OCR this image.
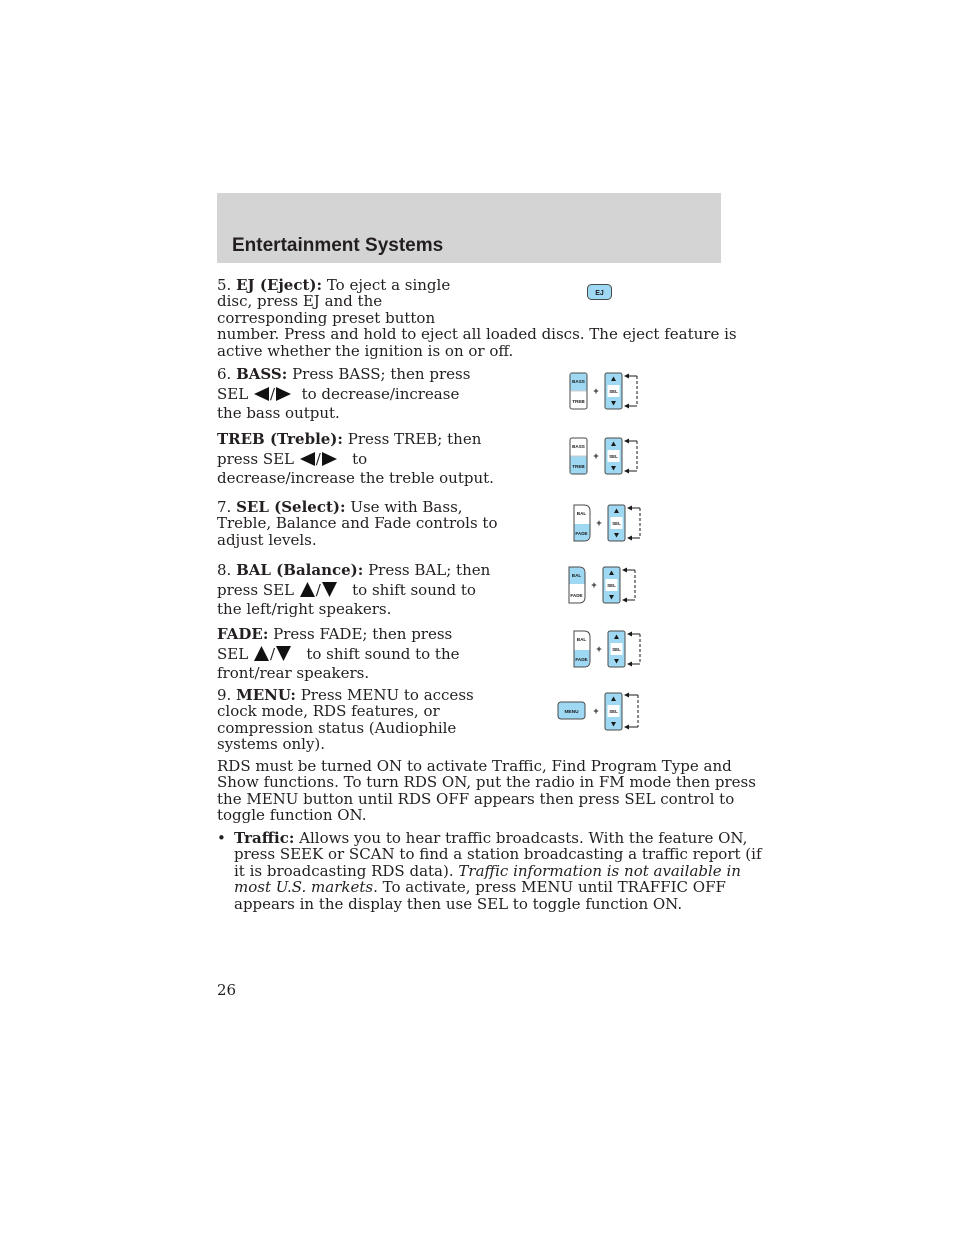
Entertainment Systems

5. EJ (Eject): To eject a single
disc, press EJ and the
corresponding preset button
number. Press and hold to eject all loaded discs. The eject feature is
active whether the ignition is on or off.

EJ

6. BASS: Press BASS; then press
SEL / to decrease/increase
the bass output.

TREB (Treble): Press TREB; then
press SEL / to
decrease/increase the treble output.

7. SEL (Select): Use with Bass,
Treble, Balance and Fade controls to
adjust levels.

8. BAL (Balance): Press BAL; then
press SEL / to shift sound to
the left/right speakers.

FADE: Press FADE; then press
SEL / to shift sound to the
front/rear speakers.

9. MENU: Press MENU to access
clock mode, RDS features, or
compression status (Audiophile
systems only).

RDS must be turned ON to activate Traffic, Find Program Type and
Show functions. To turn RDS ON, put the radio in FM mode then press
the MENU button until RDS OFF appears then press SEL control to
toggle function ON.

• Traffic: Allows you to hear traffic broadcasts. With the feature ON,
press SEEK or SCAN to find a station broadcasting a traffic report (if
it is broadcasting RDS data). Traffic information is not available in
most U.S. markets. To activate, press MENU until TRAFFIC OFF
appears in the display then use SEL to toggle function ON.

26

BASS
TREB
+ SEL
BASS
TREB
+ SEL
BAL
FADE
+ SEL
BAL
FADE
+ SEL
BAL
FADE
+ SEL
MENU + SEL
